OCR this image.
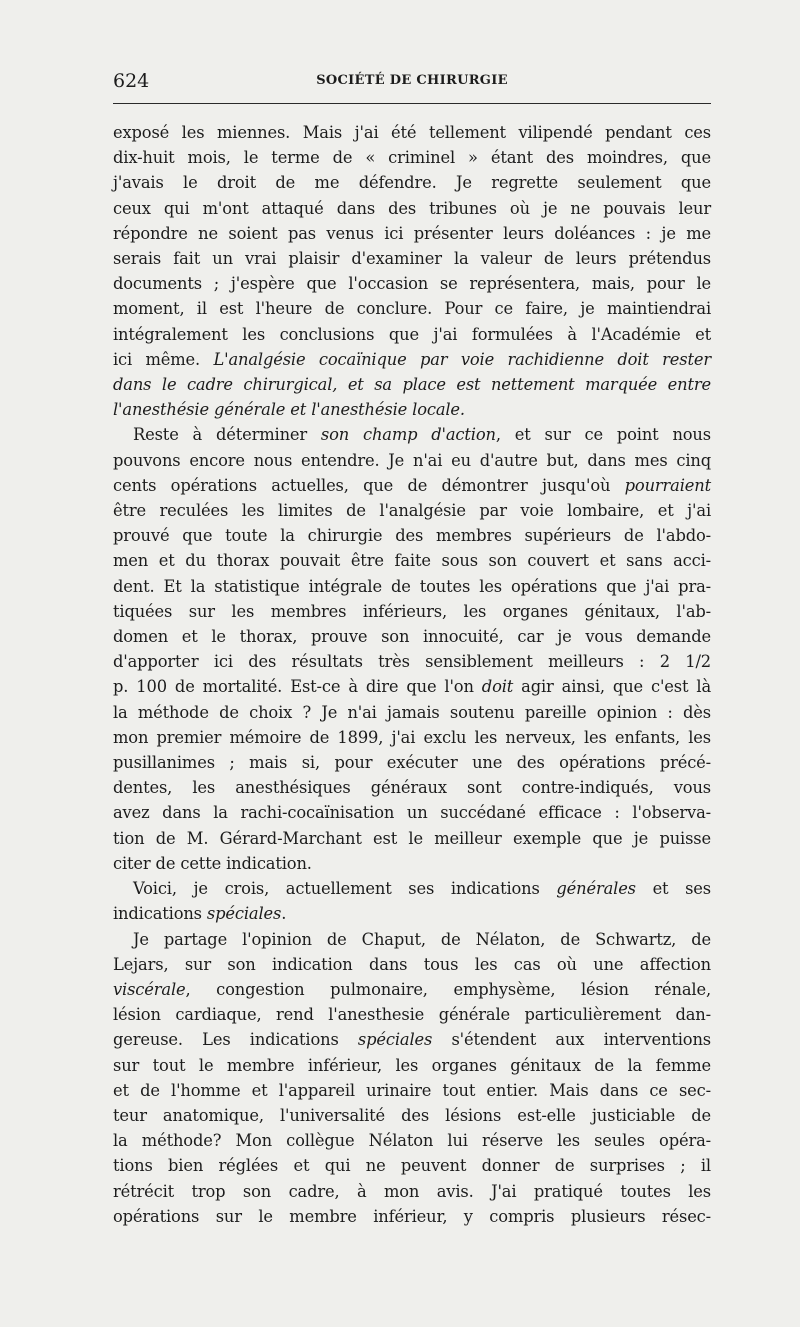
624	SOCIÉTÉ DE CHIRURGIE

exposé les miennes. Mais j'ai été tellement vilipendé pendant ces
dix-huit mois, le terme de « criminel » étant des moindres, que
j'avais le droit de me défendre. Je regrette seulement que
ceux qui m'ont attaqué dans des tribunes où je ne pouvais leur
répondre ne soient pas venus ici présenter leurs doléances : je me
serais fait un vrai plaisir d'examiner la valeur de leurs prétendus
documents ; j'espère que l'occasion se représentera, mais, pour le
moment, il est l'heure de conclure. Pour ce faire, je maintiendrai
intégralement les conclusions que j'ai formulées à l'Académie et
ici même. L'analgésie cocaïnique par voie rachidienne doit rester
dans le cadre chirurgical, et sa place est nettement marquée entre
l'anesthésie générale et l'anesthésie locale.

Reste à déterminer son champ d'action, et sur ce point nous
pouvons encore nous entendre. Je n'ai eu d'autre but, dans mes cinq
cents opérations actuelles, que de démontrer jusqu'où pourraient
être reculées les limites de l'analgésie par voie lombaire, et j'ai
prouvé que toute la chirurgie des membres supérieurs de l'abdo-
men et du thorax pouvait être faite sous son couvert et sans acci-
dent. Et la statistique intégrale de toutes les opérations que j'ai pra-
tiquées sur les membres inférieurs, les organes génitaux, l'ab-
domen et le thorax, prouve son innocuité, car je vous demande
d'apporter ici des résultats très sensiblement meilleurs : 2 1/2
p. 100 de mortalité. Est-ce à dire que l'on doit agir ainsi, que c'est là
la méthode de choix ? Je n'ai jamais soutenu pareille opinion : dès
mon premier mémoire de 1899, j'ai exclu les nerveux, les enfants, les
pusillanimes ; mais si, pour exécuter une des opérations précé-
dentes, les anesthésiques généraux sont contre-indiqués, vous
avez dans la rachi-cocaïnisation un succédané efficace : l'observa-
tion de M. Gérard-Marchant est le meilleur exemple que je puisse
citer de cette indication.

Voici, je crois, actuellement ses indications générales et ses
indications spéciales.

Je partage l'opinion de Chaput, de Nélaton, de Schwartz, de
Lejars, sur son indication dans tous les cas où une affection
viscérale, congestion pulmonaire, emphysème, lésion rénale,
lésion cardiaque, rend l'anesthesie générale particulièrement dan-
gereuse. Les indications spéciales s'étendent aux interventions
sur tout le membre inférieur, les organes génitaux de la femme
et de l'homme et l'appareil urinaire tout entier. Mais dans ce sec-
teur anatomique, l'universalité des lésions est-elle justiciable de
la méthode? Mon collègue Nélaton lui réserve les seules opéra-
tions bien réglées et qui ne peuvent donner de surprises ; il
rétrécit trop son cadre, à mon avis. J'ai pratiqué toutes les
opérations sur le membre inférieur, y compris plusieurs résec-
